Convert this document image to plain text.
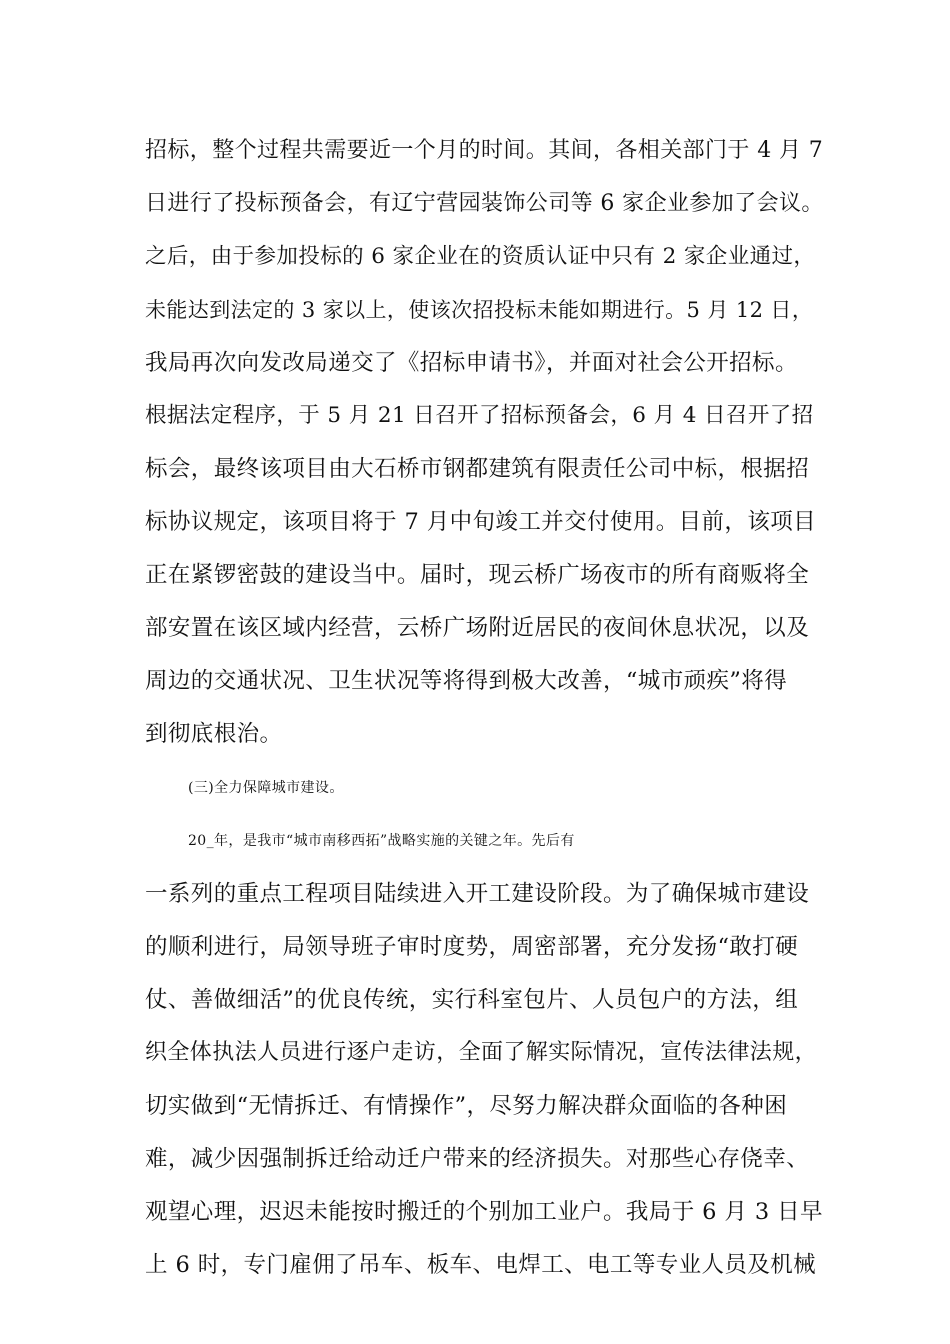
招标，整个过程共需要近一个月的时间。其间，各相关部门于 4 月 7
日进行了投标预备会，有辽宁营园装饰公司等 6 家企业参加了会议。
之后，由于参加投标的 6 家企业在的资质认证中只有 2 家企业通过，
未能达到法定的 3 家以上，使该次招投标未能如期进行。5 月 12 日，
我局再次向发改局递交了《招标申请书》，并面对社会公开招标。
根据法定程序，于 5 月 21 日召开了招标预备会，6 月 4 日召开了招
标会，最终该项目由大石桥市钢都建筑有限责任公司中标，根据招
标协议规定，该项目将于 7 月中旬竣工并交付使用。目前，该项目
正在紧锣密鼓的建设当中。届时，现云桥广场夜市的所有商贩将全
部安置在该区域内经营，云桥广场附近居民的夜间休息状况，以及
周边的交通状况、卫生状况等将得到极大改善，“城市顽疾”将得
到彻底根治。
(三)全力保障城市建设。
20_年，是我市“城市南移西拓”战略实施的关键之年。先后有
一系列的重点工程项目陆续进入开工建设阶段。为了确保城市建设
的顺利进行，局领导班子审时度势，周密部署，充分发扬“敢打硬
仗、善做细活”的优良传统，实行科室包片、人员包户的方法，组
织全体执法人员进行逐户走访，全面了解实际情况，宣传法律法规，
切实做到“无情拆迁、有情操作”，尽努力解决群众面临的各种困
难，减少因强制拆迁给动迁户带来的经济损失。对那些心存侥幸、
观望心理，迟迟未能按时搬迁的个别加工业户。我局于 6 月 3 日早
上 6 时，专门雇佣了吊车、板车、电焊工、电工等专业人员及机械
